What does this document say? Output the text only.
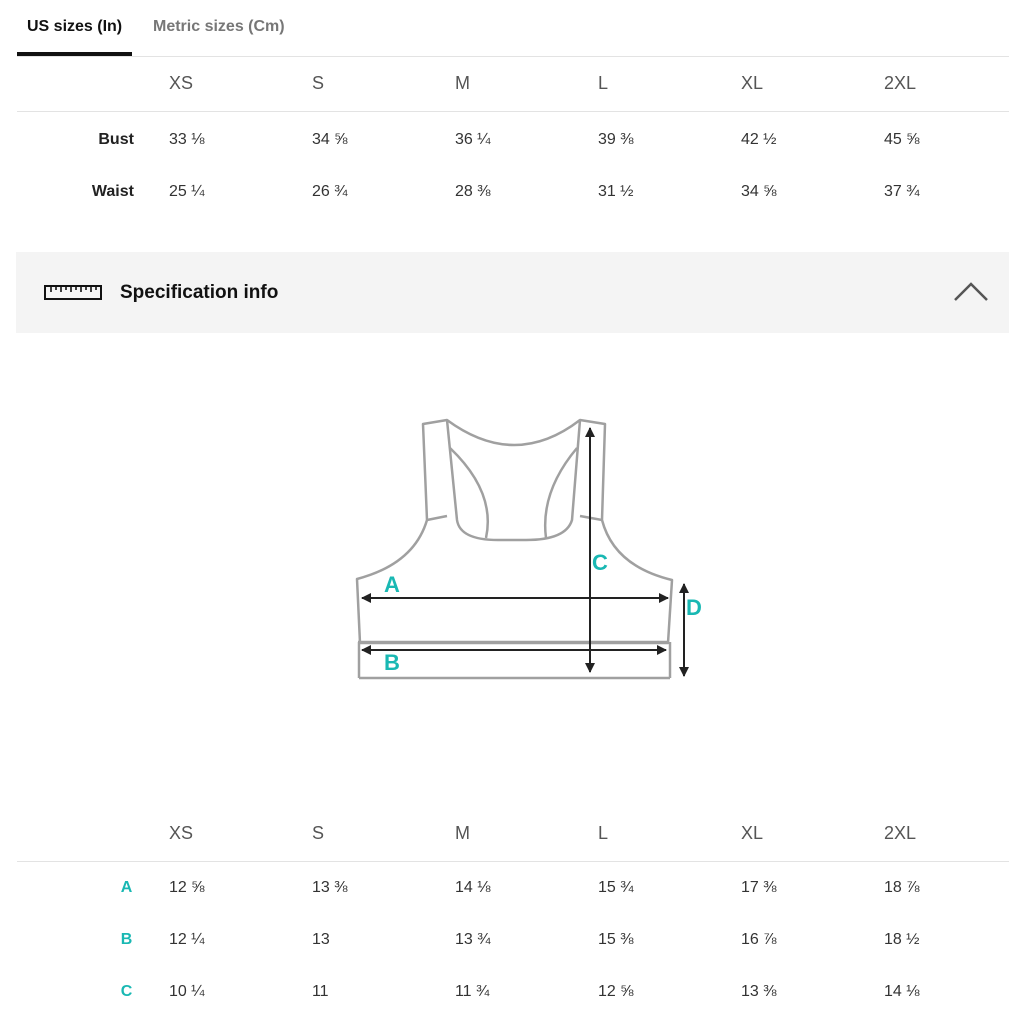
US sizes (In) Metric sizes (Cm)
	XS	S	M	L	XL	2XL
Bust	33 ⅛	34 ⅝	36 ¼	39 ⅜	42 ½	45 ⅝
Waist	25 ¼	26 ¾	28 ⅜	31 ½	34 ⅝	37 ¾
Specification info
A
B
C
D
	XS	S	M	L	XL	2XL
A	12 ⅝	13 ⅜	14 ⅛	15 ¾	17 ⅜	18 ⅞
B	12 ¼	13	13 ¾	15 ⅜	16 ⅞	18 ½
C	10 ¼	11	11 ¾	12 ⅝	13 ⅜	14 ⅛
